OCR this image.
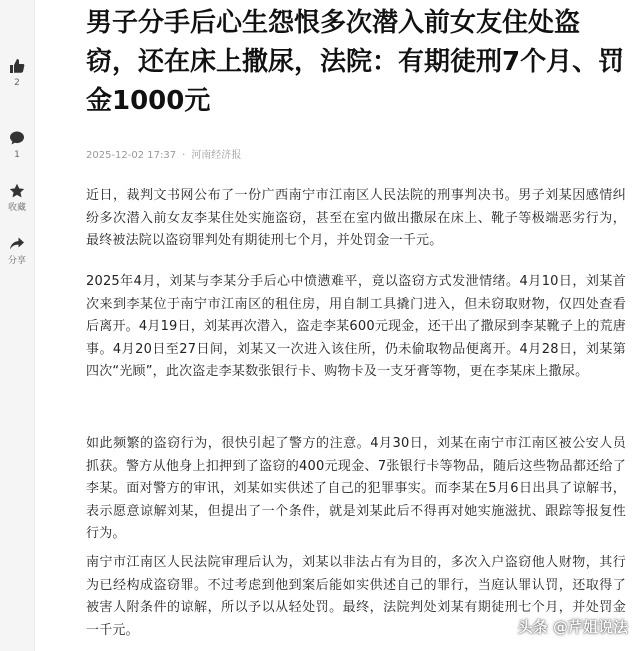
2
1
收藏
分享
男子分手后心生怨恨多次潜入前女友住处盗窃，还在床上撒尿，法院：有期徒刑7个月、罚金1000元
2025-12-02 17:37 · 河南经济报

近日，裁判文书网公布了一份广西南宁市江南区人民法院的刑事判决书。男子刘某因感情纠纷多次潜入前女友李某住处实施盗窃，甚至在室内做出撒尿在床上、靴子等极端恶劣行为，最终被法院以盗窃罪判处有期徒刑七个月，并处罚金一千元。

2025年4月，刘某与李某分手后心中愤懑难平，竟以盗窃方式发泄情绪。4月10日，刘某首次来到李某位于南宁市江南区的租住房，用自制工具撬门进入，但未窃取财物，仅四处查看后离开。4月19日，刘某再次潜入，盗走李某600元现金，还干出了撒尿到李某靴子上的荒唐事。4月20日至27日间，刘某又一次进入该住所，仍未偷取物品便离开。4月28日，刘某第四次“光顾”，此次盗走李某数张银行卡、购物卡及一支牙膏等物，更在李某床上撒尿。

如此频繁的盗窃行为，很快引起了警方的注意。4月30日，刘某在南宁市江南区被公安人员抓获。警方从他身上扣押到了盗窃的400元现金、7张银行卡等物品，随后这些物品都还给了李某。面对警方的审讯，刘某如实供述了自己的犯罪事实。而李某在5月6日出具了谅解书，表示愿意谅解刘某，但提出了一个条件，就是刘某此后不得再对她实施滋扰、跟踪等报复性行为。

南宁市江南区人民法院审理后认为，刘某以非法占有为目的，多次入户盗窃他人财物，其行为已经构成盗窃罪。不过考虑到他到案后能如实供述自己的罪行，当庭认罪认罚，还取得了被害人附条件的谅解，所以予以从轻处罚。最终，法院判处刘某有期徒刑七个月，并处罚金一千元。	头条 @芹姐说法
